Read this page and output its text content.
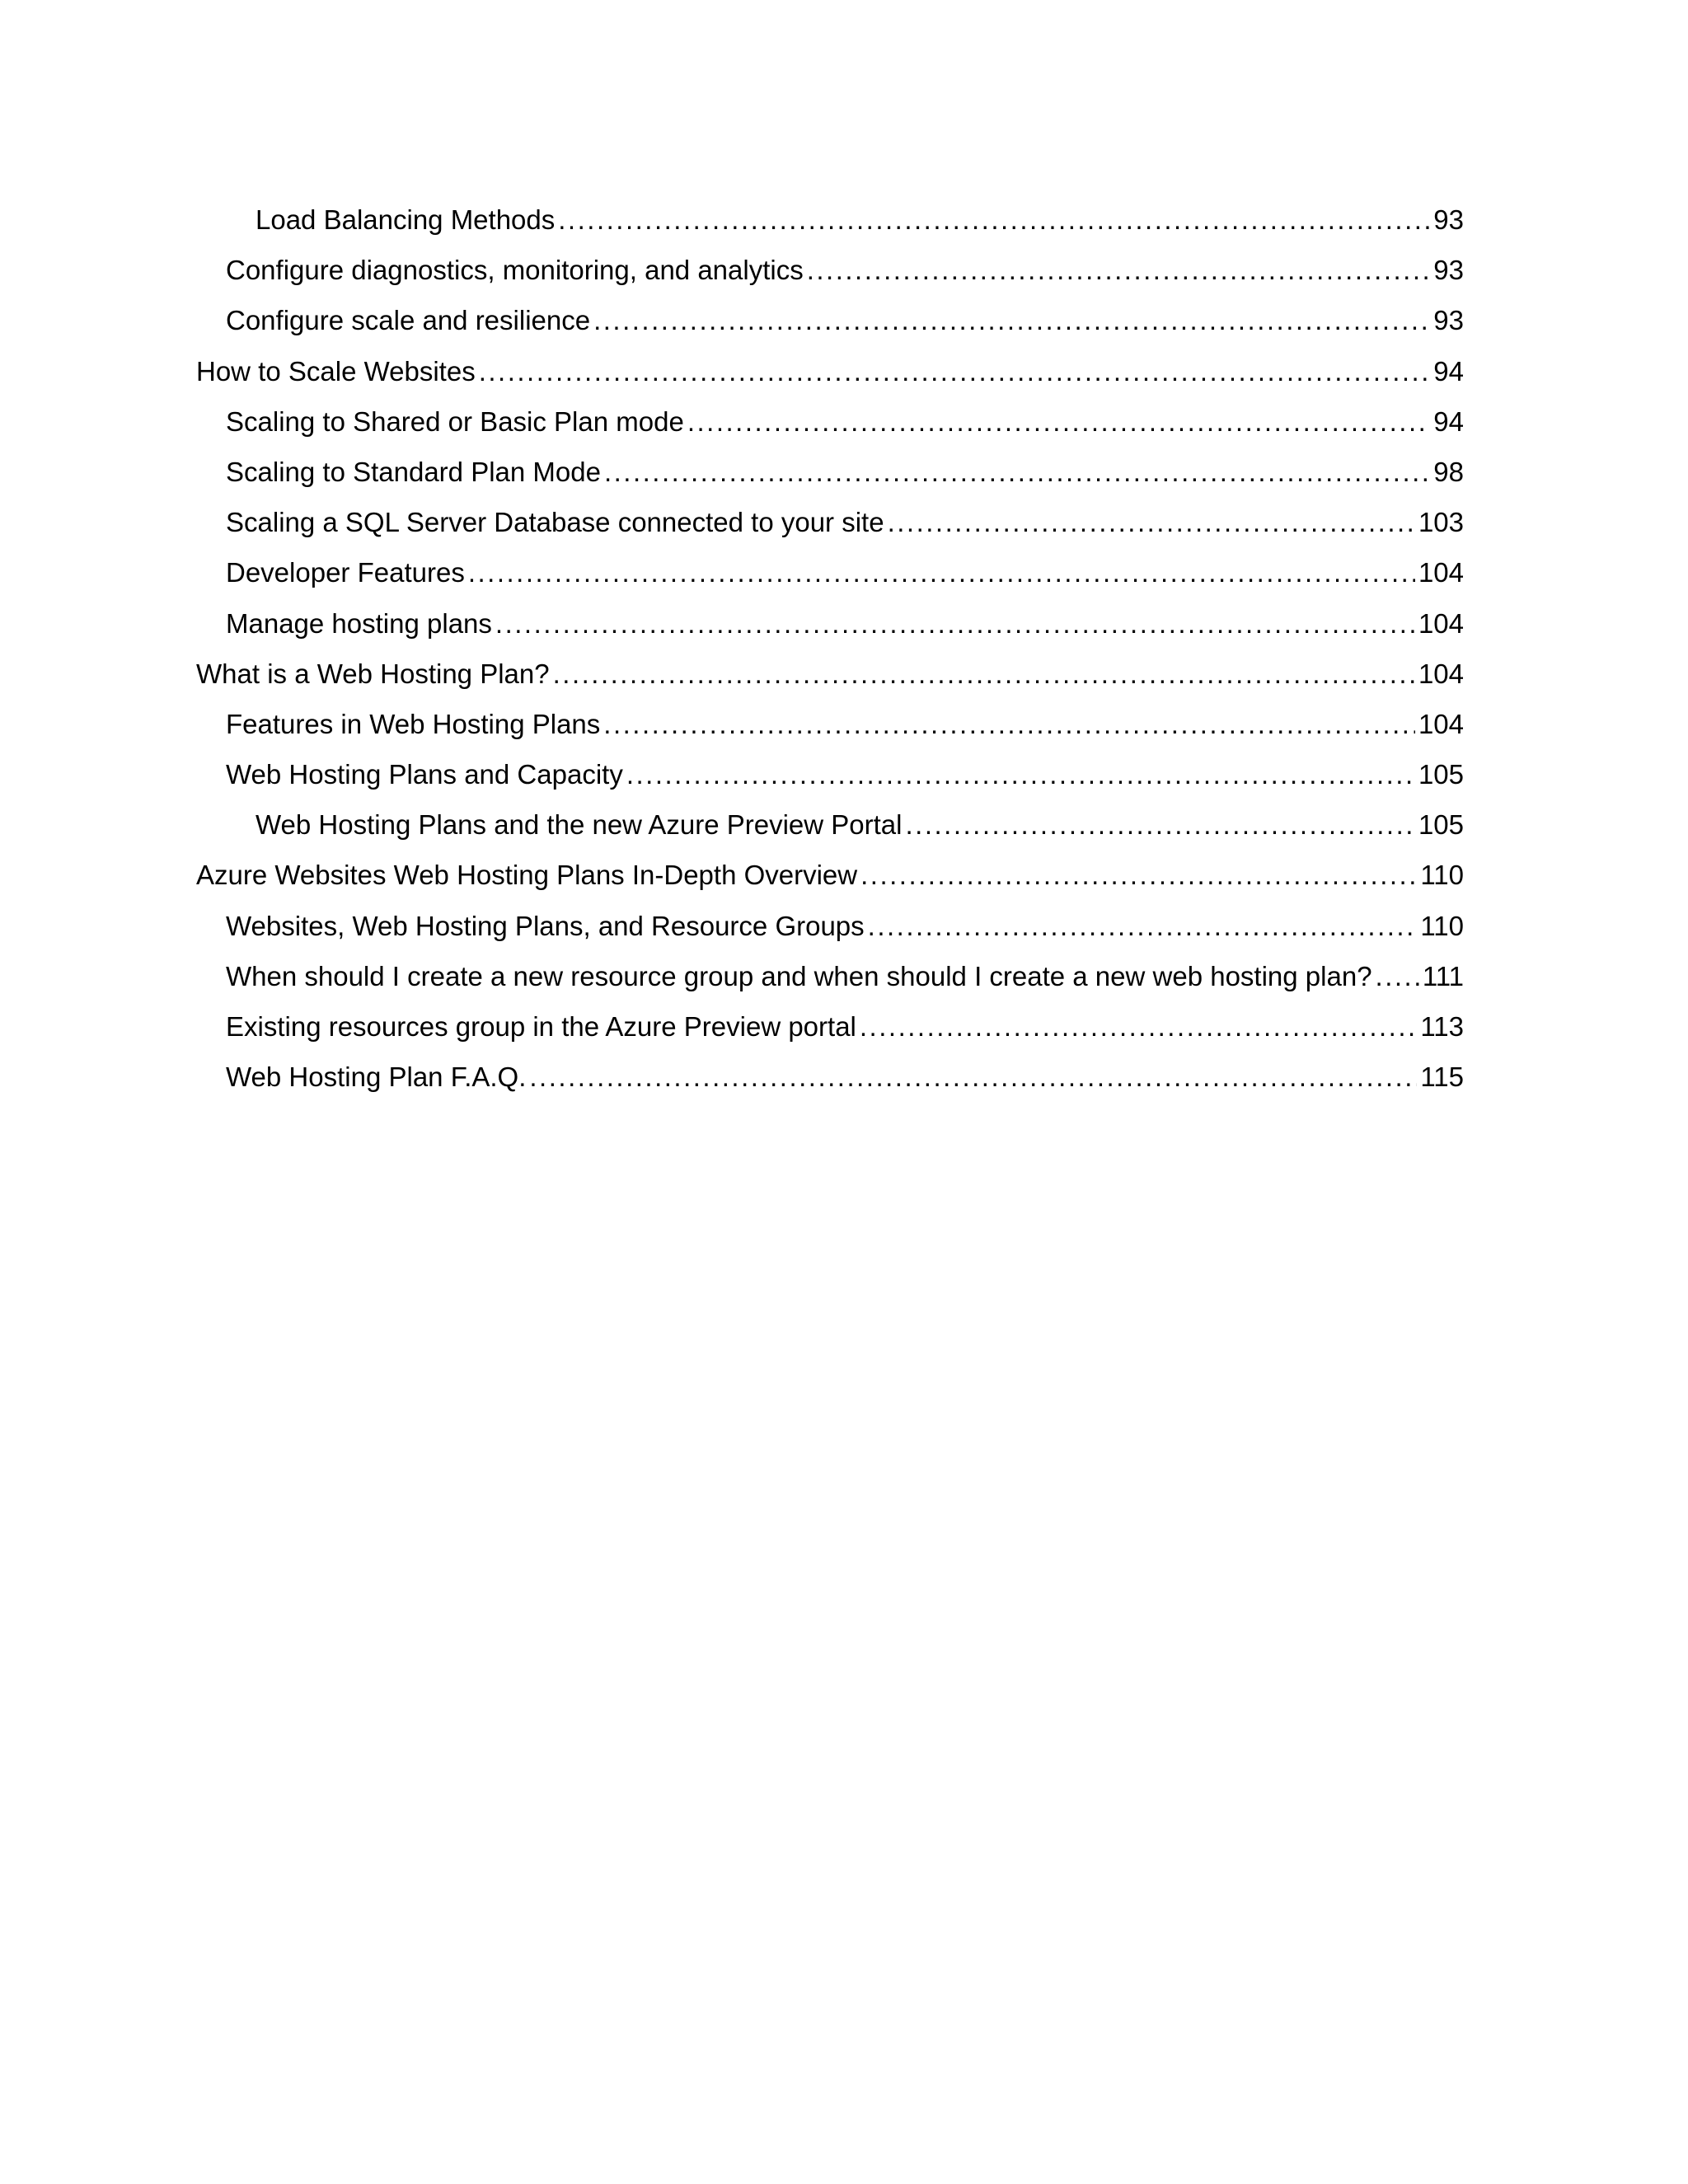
Load Balancing Methods .....	93
Configure diagnostics, monitoring, and analytics .....	93
Configure scale and resilience .....	93
How to Scale Websites .....	94
Scaling to Shared or Basic Plan mode .....	94
Scaling to Standard Plan Mode .....	98
Scaling a SQL Server Database connected to your site .....	103
Developer Features .....	104
Manage hosting plans .....	104
What is a Web Hosting Plan? .....	104
Features in Web Hosting Plans .....	104
Web Hosting Plans and Capacity .....	105
Web Hosting Plans and the new Azure Preview Portal .....	105
Azure Websites Web Hosting Plans In-Depth Overview .....	110
Websites, Web Hosting Plans, and Resource Groups .....	110
When should I create a new resource group and when should I create a new web hosting plan? ..... 111
Existing resources group in the Azure Preview portal .....	113
Web Hosting Plan F.A.Q. .....	115
